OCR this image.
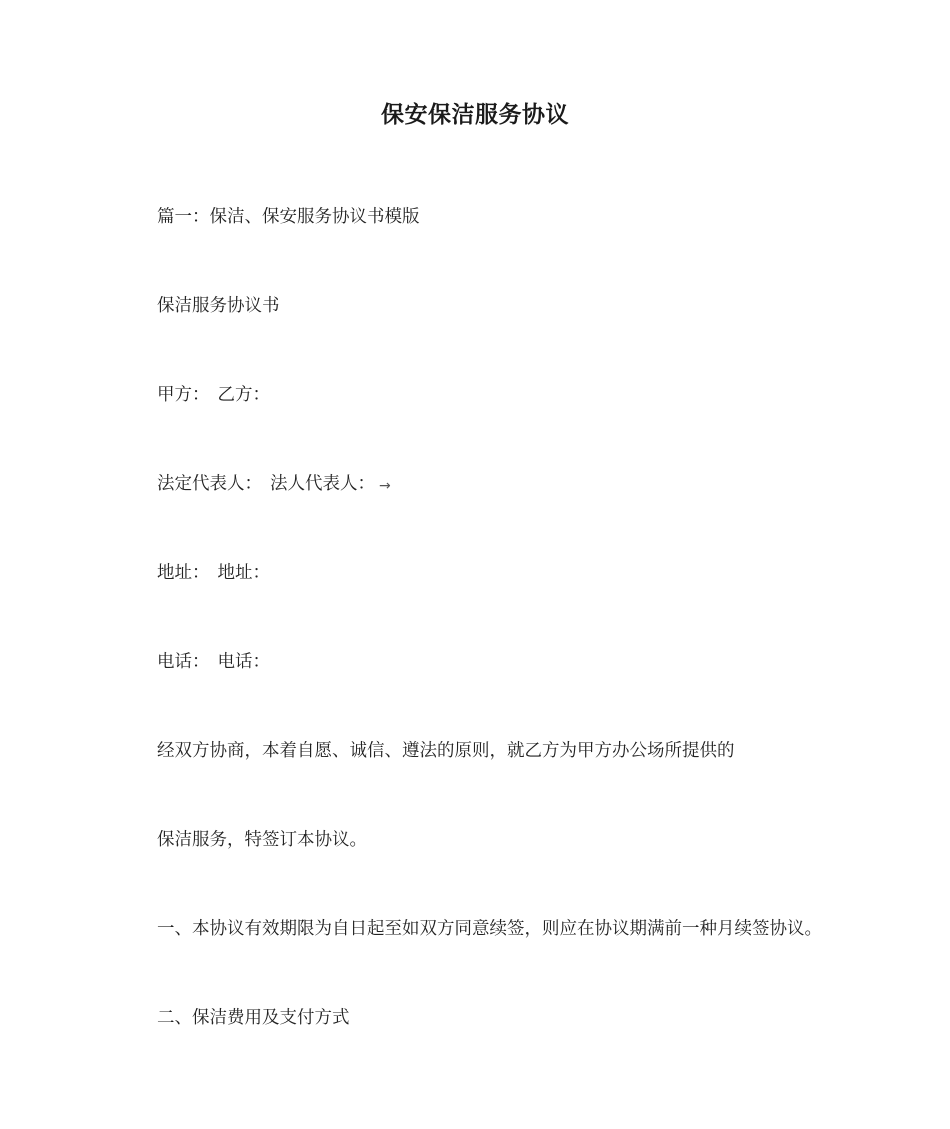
保安保洁服务协议
篇一：保洁、保安服务协议书模版
保洁服务协议书
甲方： 乙方：
法定代表人： 法人代表人： →
地址： 地址：
电话： 电话：
经双方协商，本着自愿、诚信、遵法的原则，就乙方为甲方办公场所提供的
保洁服务，特签订本协议。
一、本协议有效期限为自日起至如双方同意续签，则应在协议期满前一种月续签协议。
二、保洁费用及支付方式
